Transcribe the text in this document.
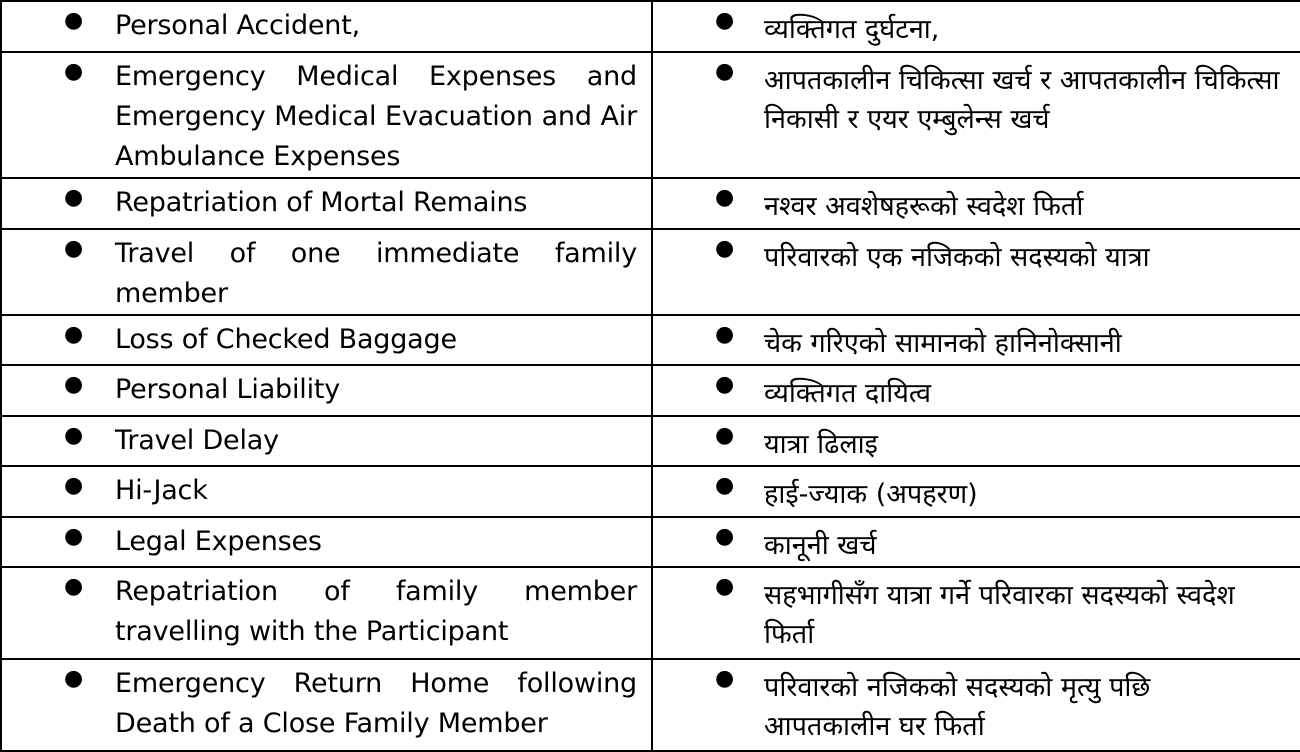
● Personal Accident,	● व्यक्तिगत दुर्घटना,

● Emergency Medical Expenses and Emergency Medical Evacuation and Air Ambulance Expenses	● आपतकालीन चिकित्सा खर्च र आपतकालीन चिकित्सा निकासी र एयर एम्बुलेन्स खर्च

● Repatriation of Mortal Remains	● नश्वर अवशेषहरूको स्वदेश फिर्ता

● Travel of one immediate family member	● परिवारको एक नजिकको सदस्यको यात्रा

● Loss of Checked Baggage	● चेक गरिएको सामानको हानिनोक्सानी

● Personal Liability	● व्यक्तिगत दायित्व

● Travel Delay	● यात्रा ढिलाइ

● Hi-Jack	● हाई-ज्याक (अपहरण)

● Legal Expenses	● कानूनी खर्च

● Repatriation of family member travelling with the Participant	● सहभागीसँग यात्रा गर्ने परिवारका सदस्यको स्वदेश फिर्ता

● Emergency Return Home following Death of a Close Family Member	● परिवारको नजिकको सदस्यको मृत्यु पछि आपतकालीन घर फिर्ता
